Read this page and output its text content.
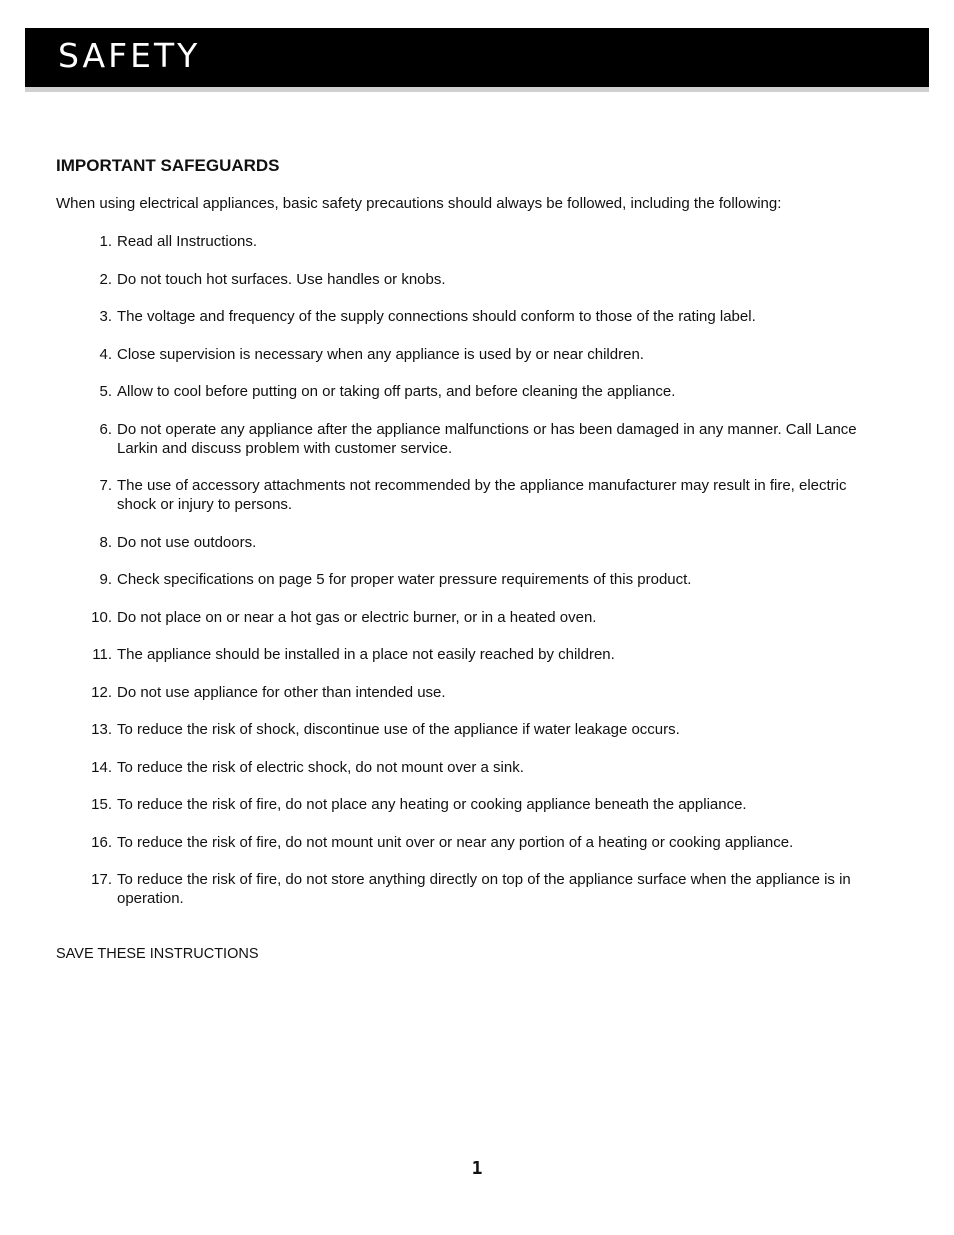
SAFETY
IMPORTANT SAFEGUARDS

When using electrical appliances, basic safety precautions should always be followed, including the following:

1. Read all Instructions.
2. Do not touch hot surfaces. Use handles or knobs.
3. The voltage and frequency of the supply connections should conform to those of the rating label.
4. Close supervision is necessary when any appliance is used by or near children.
5. Allow to cool before putting on or taking off parts, and before cleaning the appliance.
6. Do not operate any appliance after the appliance malfunctions or has been damaged in any manner. Call Lance Larkin and discuss problem with customer service.
7. The use of accessory attachments not recommended by the appliance manufacturer may result in fire, electric shock or injury to persons.
8. Do not use outdoors.
9. Check specifications on page 5 for proper water pressure requirements of this product.
10. Do not place on or near a hot gas or electric burner, or in a heated oven.
11. The appliance should be installed in a place not easily reached by children.
12. Do not use appliance for other than intended use.
13. To reduce the risk of shock, discontinue use of the appliance if water leakage occurs.
14. To reduce the risk of electric shock, do not mount over a sink.
15. To reduce the risk of fire, do not place any heating or cooking appliance beneath the appliance.
16. To reduce the risk of fire, do not mount unit over or near any portion of a heating or cooking appliance.
17. To reduce the risk of fire, do not store anything directly on top of the appliance surface when the appliance is in operation.

SAVE THESE INSTRUCTIONS

1
